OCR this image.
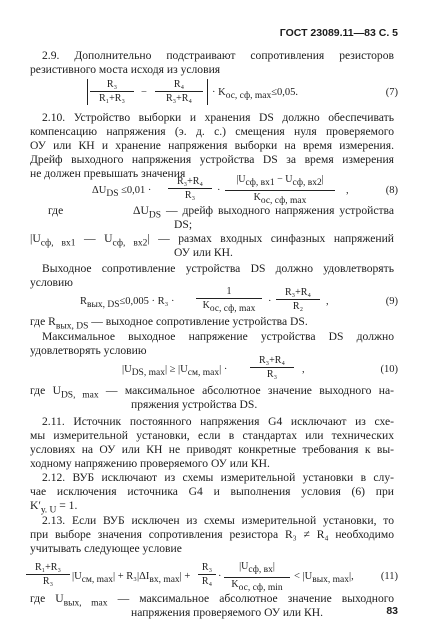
ГОСТ 23089.11—83 С. 5
83
2.9. Дополнительно подстраивают сопротивления резисторов
резистивного моста исходя из условия
$\frac{\text{R₃}}{\text{R₁+R₃}} - \frac{\text{R₄}}{\text{R₃+R₄}} \cdot K_{ос, сф, max}\le 0,05$.	(7)
2.10. Устройство выборки и хранения DS должно обеспечивать
компенсацию напряжения (э. д. с.) смещения нуля проверяемого
ОУ или КН и хранение напряжения выборки на время измерения.
Дрейф выходного напряжения устройства DS за время измерения
не должен превышать значения
$\Delta U_{DS} \le 0,01 \cdot \frac{\text{R₃+R₄}}{\text{R₃}}$ ·
$|U_{сф, вх1} - U_{сф, вх2}|$
$K_{ос, сф, max}$
,	(8)
где	$\Delta U_{DS}$ — дрейф выходного напряжения устройства
DS;
$|U_{сф, вх1}$ — $U_{сф, вх2}|$ — размах входных синфазных напряжений
ОУ или КН.
Выходное сопротивление устройства DS должно удовлетворять
условию
$R_{вых, DS}\le 0,005 \cdot R_3$ ·
1
$K_{ос, сф, max}$
· $\frac{\text{R₃+R₄}}{\text{R₂}}$ ,	(9)
где $R_{вых, DS}$ — выходное сопротивление устройства DS.
Максимальное выходное напряжение устройства DS должно
удовлетворять условию
$|U_{DS, max}| \ge |U_{см, max}| \cdot \frac{\text{R₃+R₄}}{\text{R₃}}$ ,	(10)
где $U_{DS, max}$ — максимальное абсолютное значение выходного на-
пряжения устройства DS.
2.11. Источник постоянного напряжения G4 исключают из схе-
мы измерительной установки, если в стандартах или технических
условиях на ОУ или КН не приводят конкретные требования к вы-
ходному напряжению проверяемого ОУ или КН.
2.12. ВУБ исключают из схемы измерительной установки в слу-
чае исключения источника G4 и выполнения условия (6) при
$K'_{у. U} = 1$.
2.13. Если ВУБ исключен из схемы измерительной установки, то
при выборе значения сопротивления резистора R₃ ≠ R₄ необходимо
учитывать следующее условие
$\frac{\text{R₁+R₃}}{\text{R₃}} |U_{см, max}| + R_3|\Delta I_{вх, max}| + \frac{\text{R₃}}{\text{R₄}}$ ·
$|U_{сф, вх}|$
$K_{ос, сф, min}$
< $|U_{вых, max}|$,	(11)
где $U_{вых, max}$ — максимальное абсолютное значение выходного
напряжения проверяемого ОУ или КН.
